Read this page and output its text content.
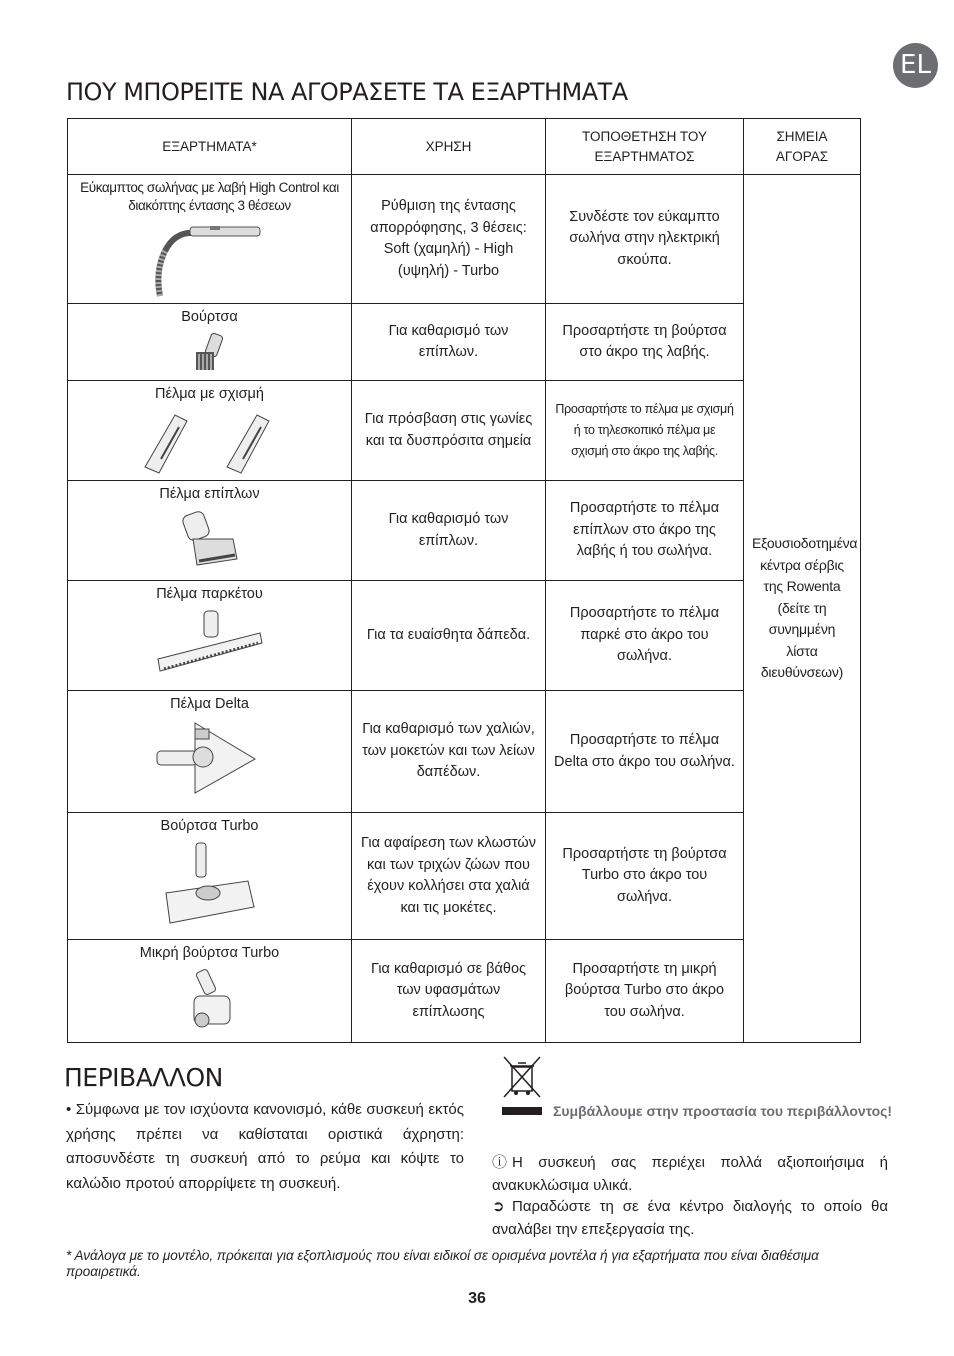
EL
ΠΟΥ ΜΠΟΡΕΙΤΕ ΝΑ ΑΓΟΡΑΣΕΤΕ ΤΑ ΕΞΑΡΤΗΜΑΤΑ
ΕΞΑΡΤΗΜΑΤΑ*	ΧΡΗΣΗ	ΤΟΠΟΘΕΤΗΣΗ ΤΟΥ ΕΞΑΡΤΗΜΑΤΟΣ	ΣΗΜΕΙΑ ΑΓΟΡΑΣ

Εύκαμπτος σωλήνας με λαβή High Control και διακόπτης έντασης 3 θέσεων	Ρύθμιση της έντασης απορρόφησης, 3 θέσεις: Soft (χαμηλή) - High (υψηλή) - Turbo	Συνδέστε τον εύκαμπτο σωλήνα στην ηλεκτρική σκούπα.	Εξουσιοδοτημένα κέντρα σέρβις της Rowenta (δείτε τη συνημμένη λίστα διευθύνσεων)

Βούρτσα	Για καθαρισμό των επίπλων.	Προσαρτήστε τη βούρτσα στο άκρο της λαβής.	

Πέλμα με σχισμή	Για πρόσβαση στις γωνίες και τα δυσπρόσιτα σημεία	Προσαρτήστε το πέλμα με σχισμή ή το τηλεσκοπικό πέλμα με σχισμή στο άκρο της λαβής.	

Πέλμα επίπλων	Για καθαρισμό των επίπλων.	Προσαρτήστε το πέλμα επίπλων στο άκρο της λαβής ή του σωλήνα.	

Πέλμα παρκέτου	Για τα ευαίσθητα δάπεδα.	Προσαρτήστε το πέλμα παρκέ στο άκρο του σωλήνα.	

Πέλμα Delta	Για καθαρισμό των χαλιών, των μοκετών και των λείων δαπέδων.	Προσαρτήστε το πέλμα Delta στο άκρο του σωλήνα.	

Βούρτσα Turbo	Για αφαίρεση των κλωστών και των τριχών ζώων που έχουν κολλήσει στα χαλιά και τις μοκέτες.	Προσαρτήστε τη βούρτσα Turbo στο άκρο του σωλήνα.	

Μικρή βούρτσα Turbo	Για καθαρισμό σε βάθος των υφασμάτων επίπλωσης	Προσαρτήστε τη μικρή βούρτσα Turbo στο άκρο του σωλήνα.	
ΠΕΡΙΒΑΛΛΟΝ
• Σύμφωνα με τον ισχύοντα κανονισμό, κάθε συσκευή εκτός χρήσης πρέπει να καθίσταται οριστικά άχρηστη: αποσυνδέστε τη συσκευή από το ρεύμα και κόψτε το καλώδιο προτού απορρίψετε τη συσκευή.
Συμβάλλουμε στην προστασία του περιβάλλοντος!
ⓘ Η συσκευή σας περιέχει πολλά αξιοποιήσιμα ή ανακυκλώσιμα υλικά.
➲ Παραδώστε τη σε ένα κέντρο διαλογής το οποίο θα αναλάβει την επεξεργασία της.
* Ανάλογα με το μοντέλο, πρόκειται για εξοπλισμούς που είναι ειδικοί σε ορισμένα μοντέλα ή για εξαρτήματα που είναι διαθέσιμα προαιρετικά.
36
